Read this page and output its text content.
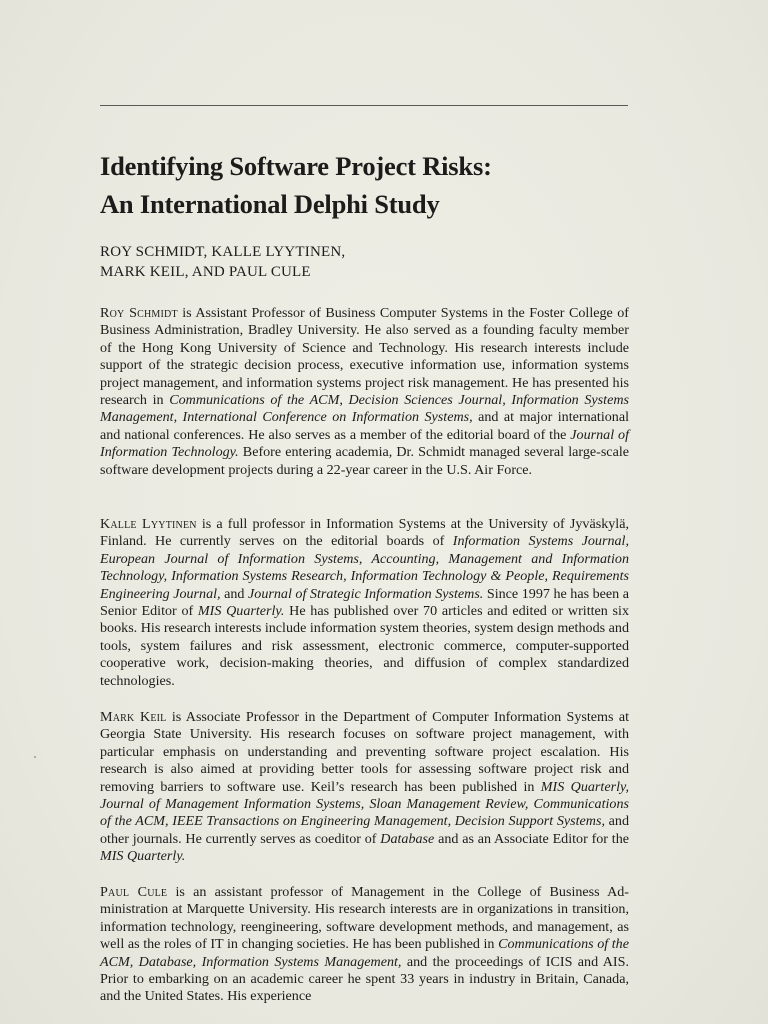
Identifying Software Project Risks:
An International Delphi Study
ROY SCHMIDT, KALLE LYYTINEN,
MARK KEIL, AND PAUL CULE

Roy Schmidt is Assistant Professor of Business Computer Systems in the Foster College of Business Administration, Bradley University. He also served as a founding faculty member of the Hong Kong University of Science and Technology. His research interests include support of the strategic decision process, executive information use, information systems project management, and information systems project risk management. He has presented his research in Communications of the ACM, Decision Sciences Journal, Information Systems Management, International Conference on Information Systems, and at major international and national conferences. He also serves as a member of the editorial board of the Journal of Information Technology. Before entering academia, Dr. Schmidt managed several large-scale software development projects during a 22-year career in the U.S. Air Force.

Kalle Lyytinen is a full professor in Information Systems at the University of Jyväskylä, Finland. He currently serves on the editorial boards of Information Systems Journal, European Journal of Information Systems, Accounting, Management and Information Technology, Information Systems Research, Information Technology & People, Requirements Engineering Journal, and Journal of Strategic Information Systems. Since 1997 he has been a Senior Editor of MIS Quarterly. He has published over 70 articles and edited or written six books. His research interests include information system theories, system design methods and tools, system failures and risk assessment, electronic commerce, computer-supported cooperative work, decision-making theories, and diffusion of complex standardized technologies.

Mark Keil is Associate Professor in the Department of Computer Information Systems at Georgia State University. His research focuses on software project management, with particular emphasis on understanding and preventing software project escalation. His research is also aimed at providing better tools for assessing software project risk and removing barriers to software use. Keil’s research has been published in MIS Quarterly, Journal of Management Information Systems, Sloan Management Review, Communications of the ACM, IEEE Transactions on Engineering Management, Decision Support Systems, and other journals. He currently serves as coeditor of Database and as an Associate Editor for the MIS Quarterly.

Paul Cule is an assistant professor of Management in the College of Business Administration at Marquette University. His research interests are in organizations in transition, information technology, reengineering, software development methods, and management, as well as the roles of IT in changing societies. He has been published in Communications of the ACM, Database, Information Systems Management, and the proceedings of ICIS and AIS. Prior to embarking on an academic career he spent 33 years in industry in Britain, Canada, and the United States. His experience
